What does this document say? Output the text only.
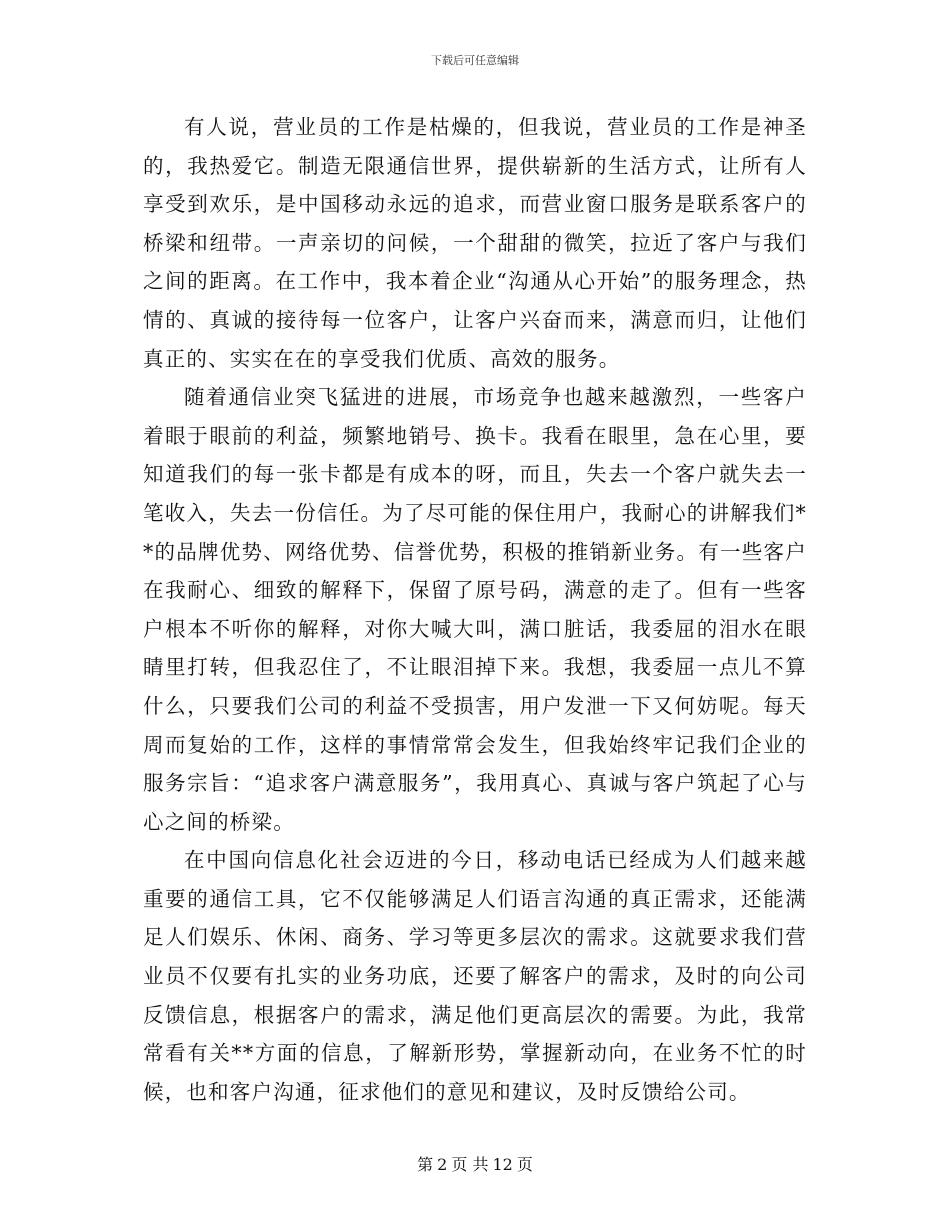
下载后可任意编辑

有人说，营业员的工作是枯燥的，但我说，营业员的工作是神圣的，我热爱它。制造无限通信世界，提供崭新的生活方式，让所有人享受到欢乐，是中国移动永远的追求，而营业窗口服务是联系客户的桥梁和纽带。一声亲切的问候，一个甜甜的微笑，拉近了客户与我们之间的距离。在工作中，我本着企业“沟通从心开始”的服务理念，热情的、真诚的接待每一位客户，让客户兴奋而来，满意而归，让他们真正的、实实在在的享受我们优质、高效的服务。

随着通信业突飞猛进的进展，市场竞争也越来越激烈，一些客户着眼于眼前的利益，频繁地销号、换卡。我看在眼里，急在心里，要知道我们的每一张卡都是有成本的呀，而且，失去一个客户就失去一笔收入，失去一份信任。为了尽可能的保住用户，我耐心的讲解我们**的品牌优势、网络优势、信誉优势，积极的推销新业务。有一些客户在我耐心、细致的解释下，保留了原号码，满意的走了。但有一些客户根本不听你的解释，对你大喊大叫，满口脏话，我委屈的泪水在眼睛里打转，但我忍住了，不让眼泪掉下来。我想，我委屈一点儿不算什么，只要我们公司的利益不受损害，用户发泄一下又何妨呢。每天周而复始的工作，这样的事情常常会发生，但我始终牢记我们企业的服务宗旨：“追求客户满意服务”，我用真心、真诚与客户筑起了心与心之间的桥梁。

在中国向信息化社会迈进的今日，移动电话已经成为人们越来越重要的通信工具，它不仅能够满足人们语言沟通的真正需求，还能满足人们娱乐、休闲、商务、学习等更多层次的需求。这就要求我们营业员不仅要有扎实的业务功底，还要了解客户的需求，及时的向公司反馈信息，根据客户的需求，满足他们更高层次的需要。为此，我常常看有关**方面的信息，了解新形势，掌握新动向，在业务不忙的时候，也和客户沟通，征求他们的意见和建议，及时反馈给公司。

第 2 页 共 12 页
